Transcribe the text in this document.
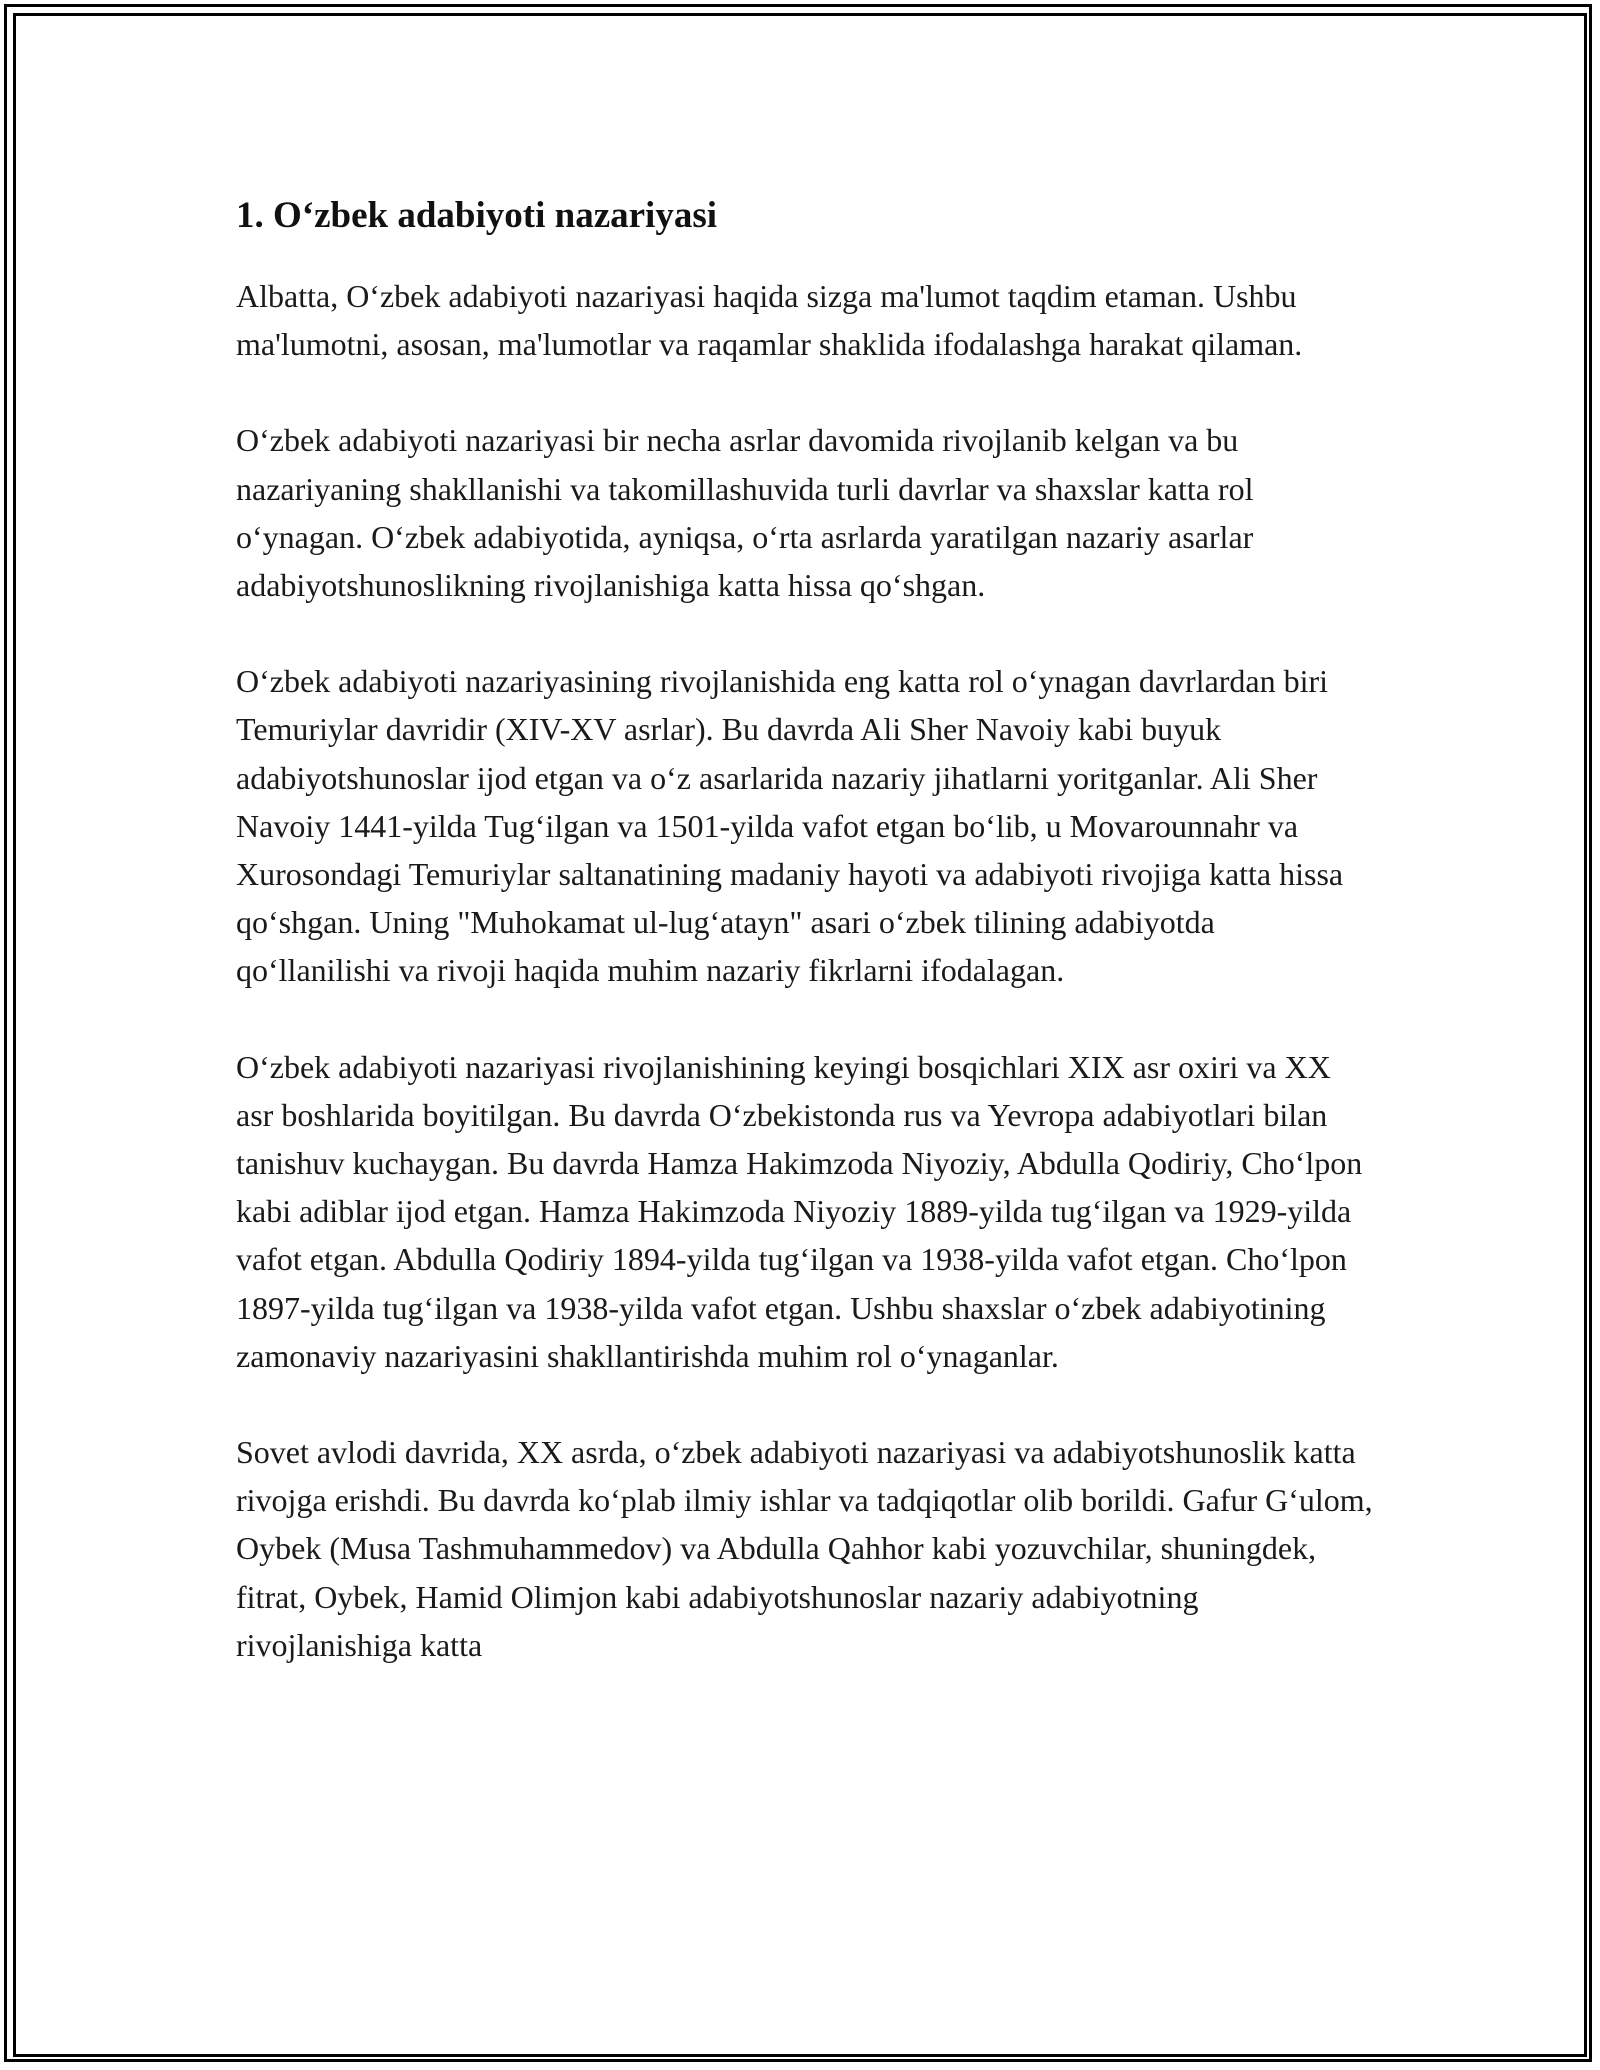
1. O‘zbek adabiyoti nazariyasi

Albatta, O‘zbek adabiyoti nazariyasi haqida sizga ma'lumot taqdim etaman. Ushbu ma'lumotni, asosan, ma'lumotlar va raqamlar shaklida ifodalashga harakat qilaman.

O‘zbek adabiyoti nazariyasi bir necha asrlar davomida rivojlanib kelgan va bu nazariyaning shakllanishi va takomillashuvida turli davrlar va shaxslar katta rol o‘ynagan. O‘zbek adabiyotida, ayniqsa, o‘rta asrlarda yaratilgan nazariy asarlar adabiyotshunoslikning rivojlanishiga katta hissa qo‘shgan.

O‘zbek adabiyoti nazariyasining rivojlanishida eng katta rol o‘ynagan davrlardan biri Temuriylar davridir (XIV-XV asrlar). Bu davrda Ali Sher Navoiy kabi buyuk adabiyotshunoslar ijod etgan va o‘z asarlarida nazariy jihatlarni yoritganlar. Ali Sher Navoiy 1441-yilda Tug‘ilgan va 1501-yilda vafot etgan bo‘lib, u Movarounnahr va Xurosondagi Temuriylar saltanatining madaniy hayoti va adabiyoti rivojiga katta hissa qo‘shgan. Uning "Muhokamat ul-lug‘atayn" asari o‘zbek tilining adabiyotda qo‘llanilishi va rivoji haqida muhim nazariy fikrlarni ifodalagan.

O‘zbek adabiyoti nazariyasi rivojlanishining keyingi bosqichlari XIX asr oxiri va XX asr boshlarida boyitilgan. Bu davrda O‘zbekistonda rus va Yevropa adabiyotlari bilan tanishuv kuchaygan. Bu davrda Hamza Hakimzoda Niyoziy, Abdulla Qodiriy, Cho‘lpon kabi adiblar ijod etgan. Hamza Hakimzoda Niyoziy 1889-yilda tug‘ilgan va 1929-yilda vafot etgan. Abdulla Qodiriy 1894-yilda tug‘ilgan va 1938-yilda vafot etgan. Cho‘lpon 1897-yilda tug‘ilgan va 1938-yilda vafot etgan. Ushbu shaxslar o‘zbek adabiyotining zamonaviy nazariyasini shakllantirishda muhim rol o‘ynaganlar.

Sovet avlodi davrida, XX asrda, o‘zbek adabiyoti nazariyasi va adabiyotshunoslik katta rivojga erishdi. Bu davrda ko‘plab ilmiy ishlar va tadqiqotlar olib borildi. Gafur G‘ulom, Oybek (Musa Tashmuhammedov) va Abdulla Qahhor kabi yozuvchilar, shuningdek, fitrat, Oybek, Hamid Olimjon kabi adabiyotshunoslar nazariy adabiyotning rivojlanishiga katta
